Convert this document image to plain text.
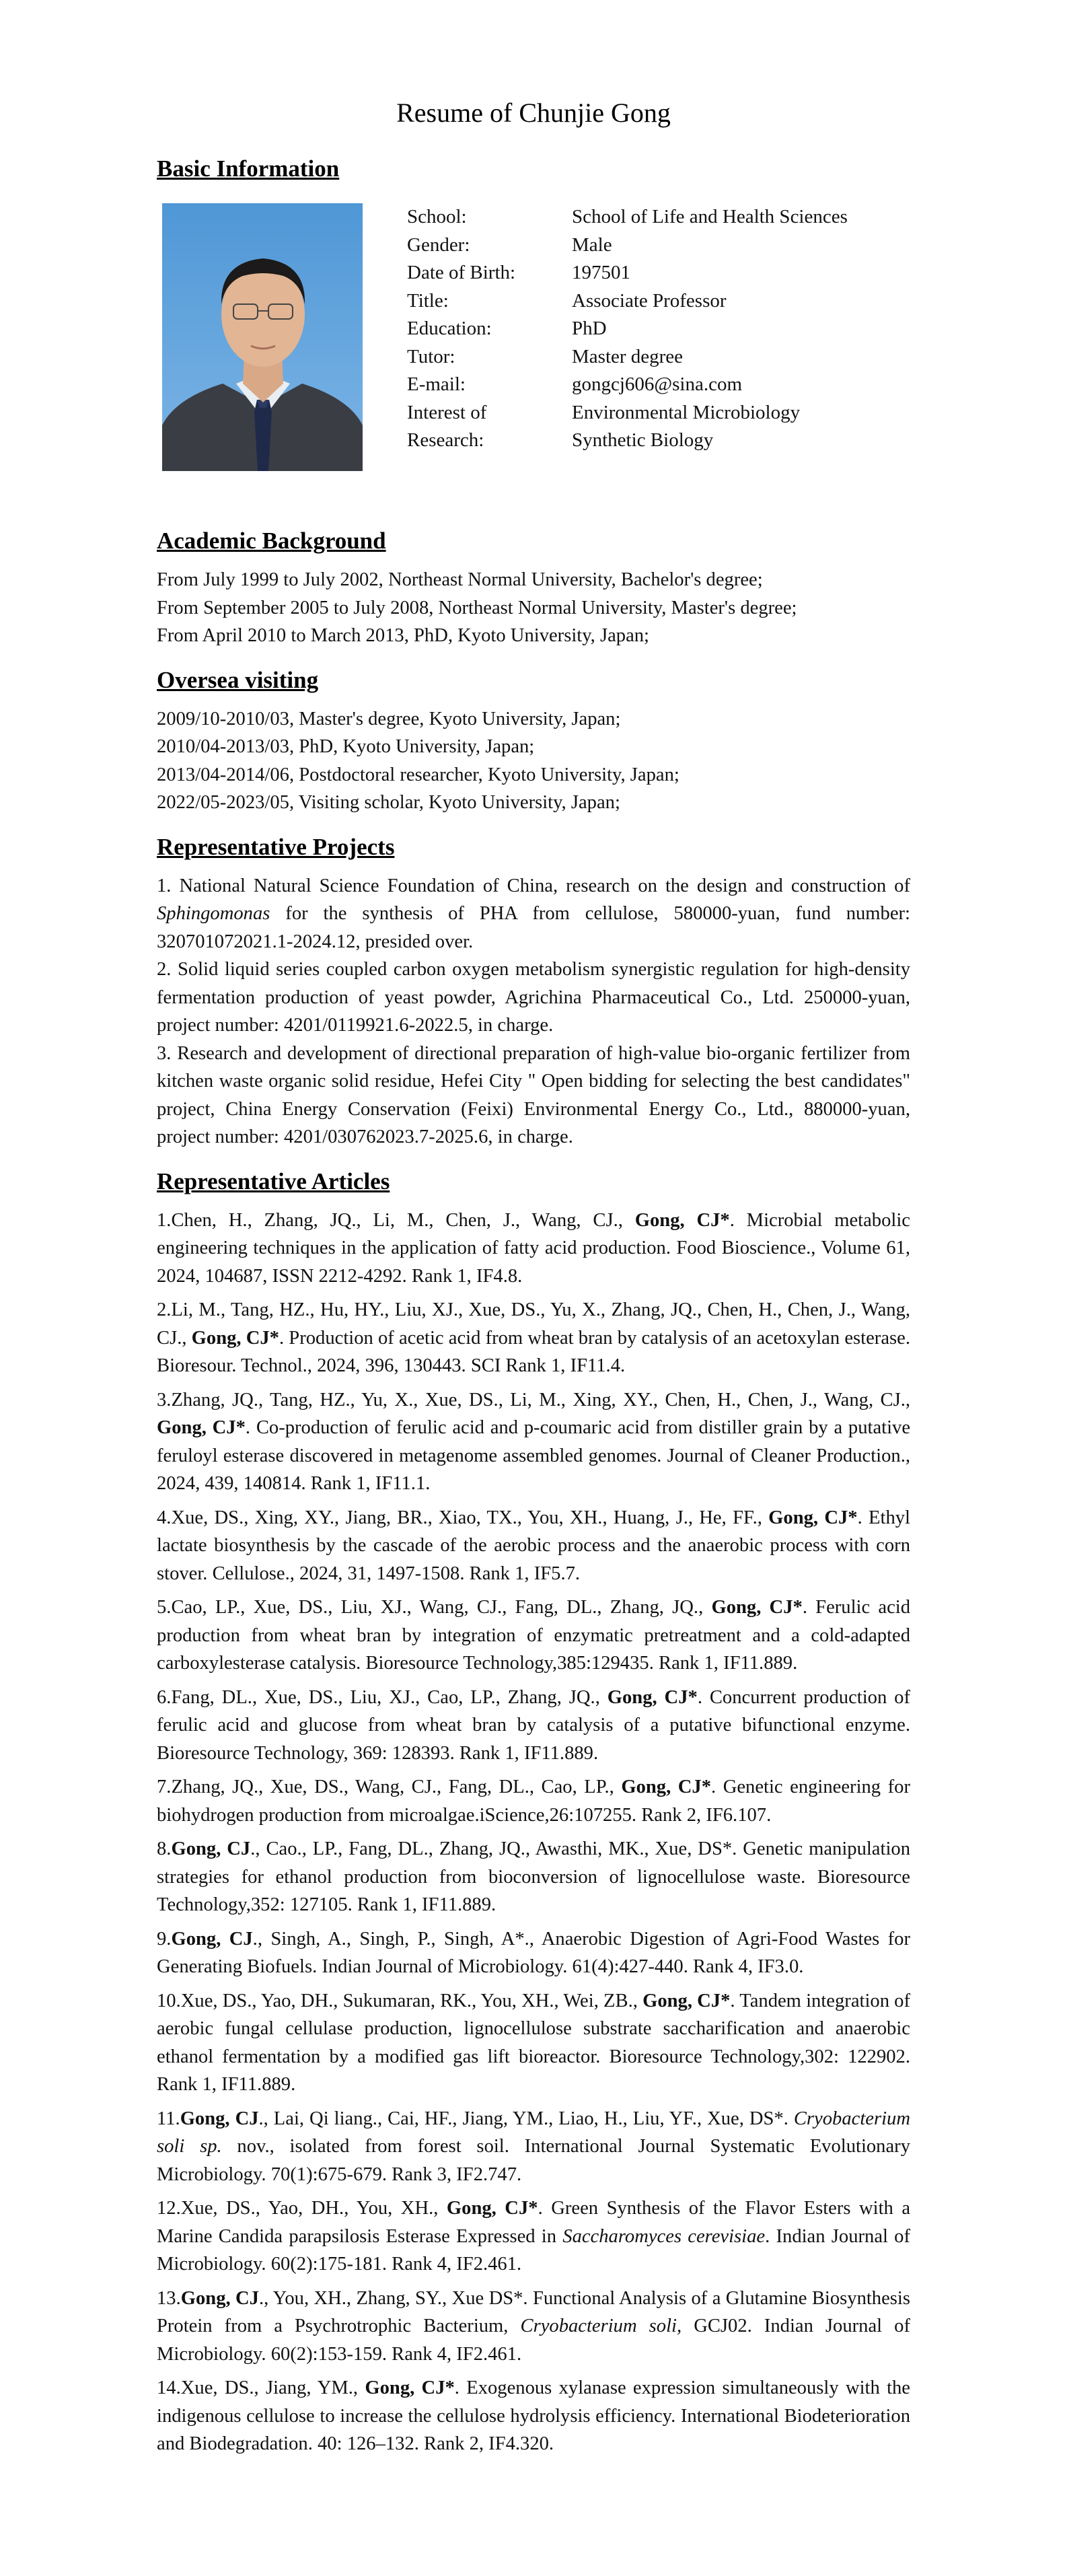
Resume of Chunjie Gong
Basic Information
School:	School of Life and Health Sciences
Gender:	Male
Date of Birth:	197501
Title:	Associate Professor
Education:	PhD
Tutor:	Master degree
E-mail:	gongcj606@sina.com
Interest of	Environmental Microbiology
Research:	Synthetic Biology
Academic Background

From July 1999 to July 2002, Northeast Normal University, Bachelor's degree;

From September 2005 to July 2008, Northeast Normal University, Master's degree;

From April 2010 to March 2013, PhD, Kyoto University, Japan;

Oversea visiting

2009/10-2010/03, Master's degree, Kyoto University, Japan;

2010/04-2013/03, PhD, Kyoto University, Japan;

2013/04-2014/06, Postdoctoral researcher, Kyoto University, Japan;

2022/05-2023/05, Visiting scholar, Kyoto University, Japan;

Representative Projects

1. National Natural Science Foundation of China, research on the design and construction of Sphingomonas for the synthesis of PHA from cellulose, 580000-yuan, fund number: 320701072021.1-2024.12, presided over.

2. Solid liquid series coupled carbon oxygen metabolism synergistic regulation for high-density fermentation production of yeast powder, Agrichina Pharmaceutical Co., Ltd. 250000-yuan, project number: 4201/0119921.6-2022.5, in charge.

3. Research and development of directional preparation of high-value bio-organic fertilizer from kitchen waste organic solid residue, Hefei City " Open bidding for selecting the best candidates" project, China Energy Conservation (Feixi) Environmental Energy Co., Ltd., 880000-yuan, project number: 4201/030762023.7-2025.6, in charge.

Representative Articles

1.Chen, H., Zhang, JQ., Li, M., Chen, J., Wang, CJ., Gong, CJ*. Microbial metabolic engineering techniques in the application of fatty acid production. Food Bioscience., Volume 61, 2024, 104687, ISSN 2212-4292. Rank 1, IF4.8.

2.Li, M., Tang, HZ., Hu, HY., Liu, XJ., Xue, DS., Yu, X., Zhang, JQ., Chen, H., Chen, J., Wang, CJ., Gong, CJ*. Production of acetic acid from wheat bran by catalysis of an acetoxylan esterase. Bioresour. Technol., 2024, 396, 130443. SCI Rank 1, IF11.4.

3.Zhang, JQ., Tang, HZ., Yu, X., Xue, DS., Li, M., Xing, XY., Chen, H., Chen, J., Wang, CJ., Gong, CJ*. Co-production of ferulic acid and p-coumaric acid from distiller grain by a putative feruloyl esterase discovered in metagenome assembled genomes. Journal of Cleaner Production., 2024, 439, 140814. Rank 1, IF11.1.

4.Xue, DS., Xing, XY., Jiang, BR., Xiao, TX., You, XH., Huang, J., He, FF., Gong, CJ*. Ethyl lactate biosynthesis by the cascade of the aerobic process and the anaerobic process with corn stover. Cellulose., 2024, 31, 1497-1508. Rank 1, IF5.7.

5.Cao, LP., Xue, DS., Liu, XJ., Wang, CJ., Fang, DL., Zhang, JQ., Gong, CJ*. Ferulic acid production from wheat bran by integration of enzymatic pretreatment and a cold-adapted carboxylesterase catalysis. Bioresource Technology,385:129435. Rank 1, IF11.889.

6.Fang, DL., Xue, DS., Liu, XJ., Cao, LP., Zhang, JQ., Gong, CJ*. Concurrent production of ferulic acid and glucose from wheat bran by catalysis of a putative bifunctional enzyme. Bioresource Technology, 369: 128393. Rank 1, IF11.889.

7.Zhang, JQ., Xue, DS., Wang, CJ., Fang, DL., Cao, LP., Gong, CJ*. Genetic engineering for biohydrogen production from microalgae.iScience,26:107255. Rank 2, IF6.107.

8.Gong, CJ., Cao., LP., Fang, DL., Zhang, JQ., Awasthi, MK., Xue, DS*. Genetic manipulation strategies for ethanol production from bioconversion of lignocellulose waste. Bioresource Technology,352: 127105. Rank 1, IF11.889.

9.Gong, CJ., Singh, A., Singh, P., Singh, A*., Anaerobic Digestion of Agri-Food Wastes for Generating Biofuels. Indian Journal of Microbiology. 61(4):427-440. Rank 4, IF3.0.

10.Xue, DS., Yao, DH., Sukumaran, RK., You, XH., Wei, ZB., Gong, CJ*. Tandem integration of aerobic fungal cellulase production, lignocellulose substrate saccharification and anaerobic ethanol fermentation by a modified gas lift bioreactor. Bioresource Technology,302: 122902. Rank 1, IF11.889.

11.Gong, CJ., Lai, Qi liang., Cai, HF., Jiang, YM., Liao, H., Liu, YF., Xue, DS*. Cryobacterium soli sp. nov., isolated from forest soil. International Journal Systematic Evolutionary Microbiology. 70(1):675-679. Rank 3, IF2.747.

12.Xue, DS., Yao, DH., You, XH., Gong, CJ*. Green Synthesis of the Flavor Esters with a Marine Candida parapsilosis Esterase Expressed in Saccharomyces cerevisiae. Indian Journal of Microbiology. 60(2):175-181. Rank 4, IF2.461.

13.Gong, CJ., You, XH., Zhang, SY., Xue DS*. Functional Analysis of a Glutamine Biosynthesis Protein from a Psychrotrophic Bacterium, Cryobacterium soli, GCJ02. Indian Journal of Microbiology. 60(2):153-159. Rank 4, IF2.461.

14.Xue, DS., Jiang, YM., Gong, CJ*. Exogenous xylanase expression simultaneously with the indigenous cellulose to increase the cellulose hydrolysis efficiency. International Biodeterioration and Biodegradation. 40: 126–132. Rank 2, IF4.320.
